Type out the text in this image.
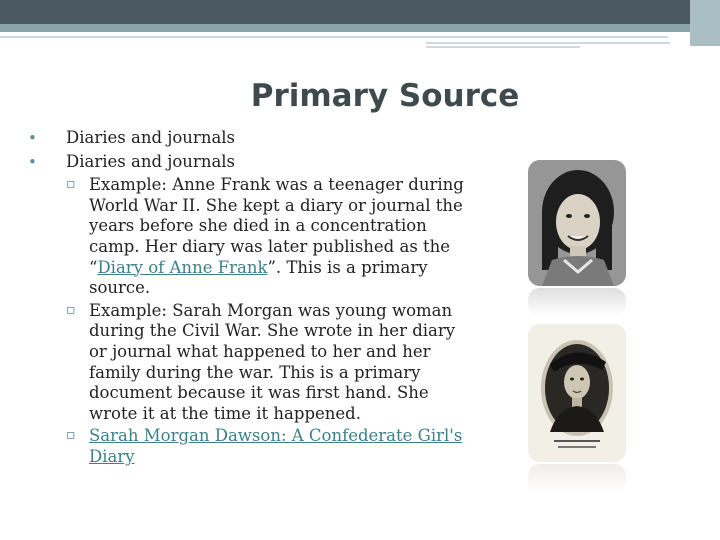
Primary Source
• Diaries and journals
• Diaries and journals
▫ Example: Anne Frank was a teenager during World War II. She kept a diary or journal the years before she died in a concentration camp. Her diary was later published as the “Diary of Anne Frank”. This is a primary source.
▫ Example: Sarah Morgan was young woman during the Civil War. She wrote in her diary or journal what happened to her and her family during the war. This is a primary document because it was first hand. She wrote it at the time it happened.
▫ Sarah Morgan Dawson: A Confederate Girl's Diary
